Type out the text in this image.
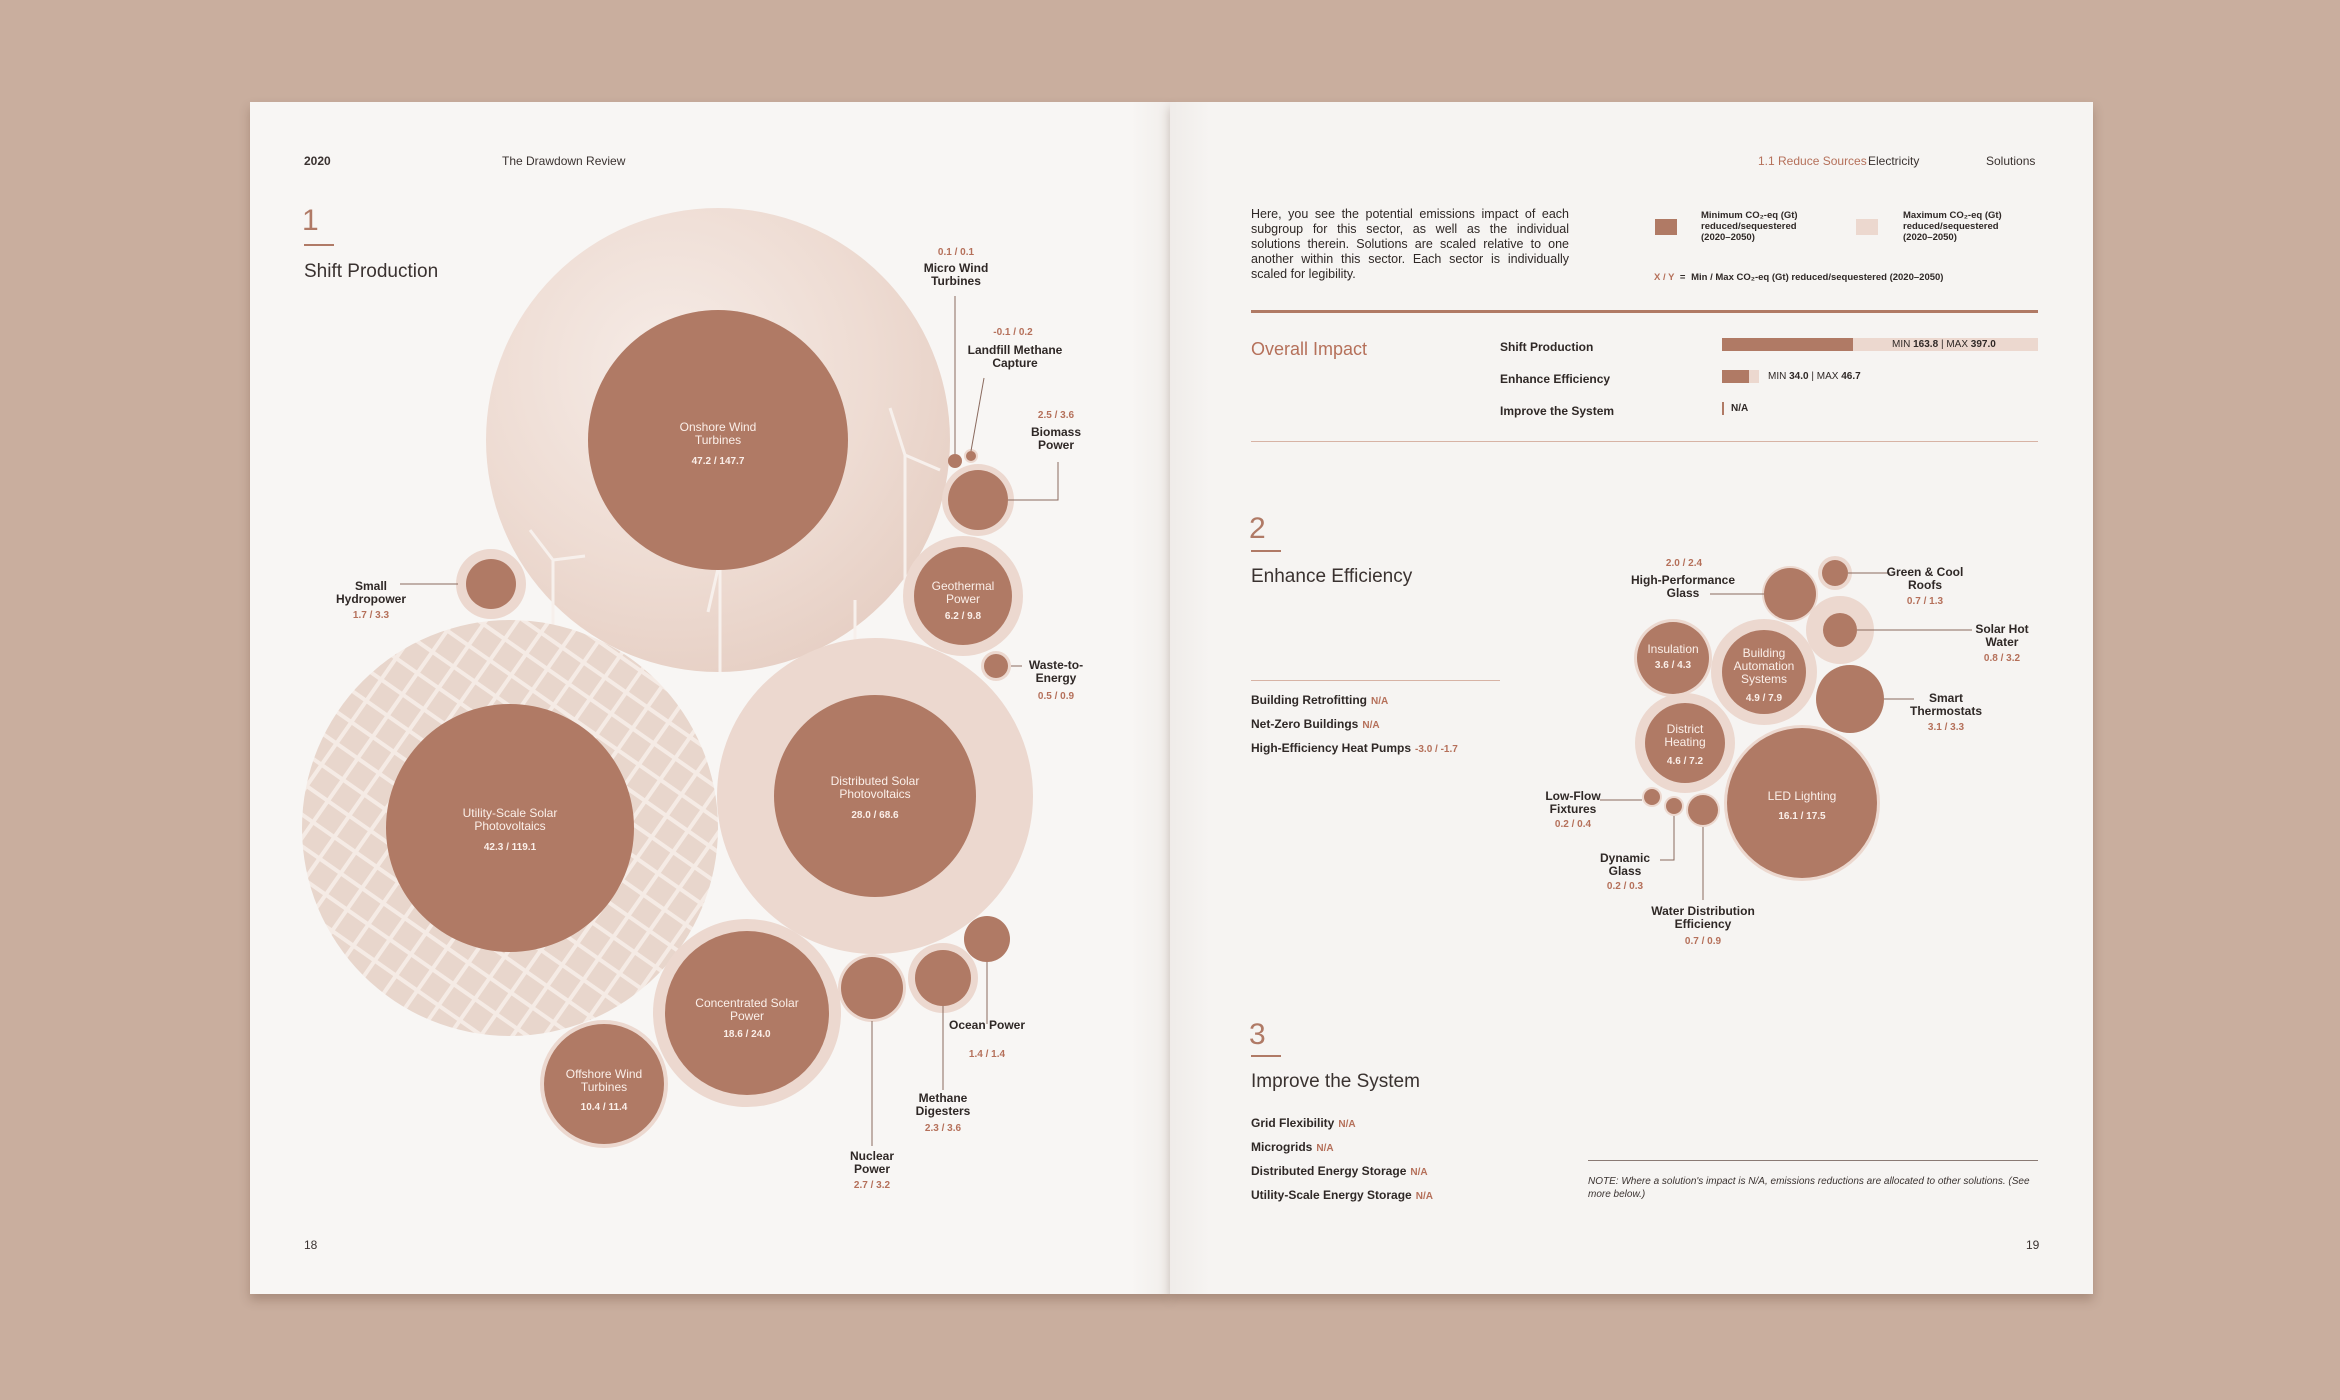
2020	The Drawdown Review
1
Shift Production
Onshore Wind Turbines
47.2 / 147.7
Utility-Scale Solar Photovoltaics
42.3 / 119.1
Distributed Solar Photovoltaics
28.0 / 68.6
Concentrated Solar Power
18.6 / 24.0
Offshore Wind Turbines
10.4 / 11.4
Geothermal Power
6.2 / 9.8
0.1 / 0.1
Micro Wind Turbines
-0.1 / 0.2
Landfill Methane Capture
2.5 / 3.6
Biomass Power
Small Hydropower
1.7 / 3.3
Waste-to-Energy
0.5 / 0.9
Ocean Power
1.4 / 1.4
Methane Digesters
2.3 / 3.6
Nuclear Power
2.7 / 3.2
18
1.1 Reduce Sources Electricity	Solutions
Here, you see the potential emissions impact of each subgroup for this sector, as well as the individual solutions therein. Solutions are scaled relative to one another within this sector. Each sector is individually scaled for legibility.
Minimum CO₂-eq (Gt) reduced/sequestered (2020–2050)
Maximum CO₂-eq (Gt) reduced/sequestered (2020–2050)
X / Y = Min / Max CO₂-eq (Gt) reduced/sequestered (2020–2050)
Overall Impact	Shift Production	MIN 163.8 | MAX 397.0
Enhance Efficiency	MIN 34.0 | MAX 46.7
Improve the System	N/A
2
Enhance Efficiency
Building Retrofitting N/A
Net-Zero Buildings N/A
High-Efficiency Heat Pumps -3.0 / -1.7
Insulation
3.6 / 4.3
Building Automation Systems
4.9 / 7.9
District Heating
4.6 / 7.2
LED Lighting
16.1 / 17.5
2.0 / 2.4
High-Performance Glass
Green & Cool Roofs
0.7 / 1.3
Solar Hot Water
0.8 / 3.2
Smart Thermostats
3.1 / 3.3
Low-Flow Fixtures
0.2 / 0.4
Dynamic Glass
0.2 / 0.3
Water Distribution Efficiency
0.7 / 0.9
3
Improve the System
Grid Flexibility N/A
Microgrids N/A
Distributed Energy Storage N/A
Utility-Scale Energy Storage N/A
NOTE: Where a solution's impact is N/A, emissions reductions are allocated to other solutions. (See more below.)
19
